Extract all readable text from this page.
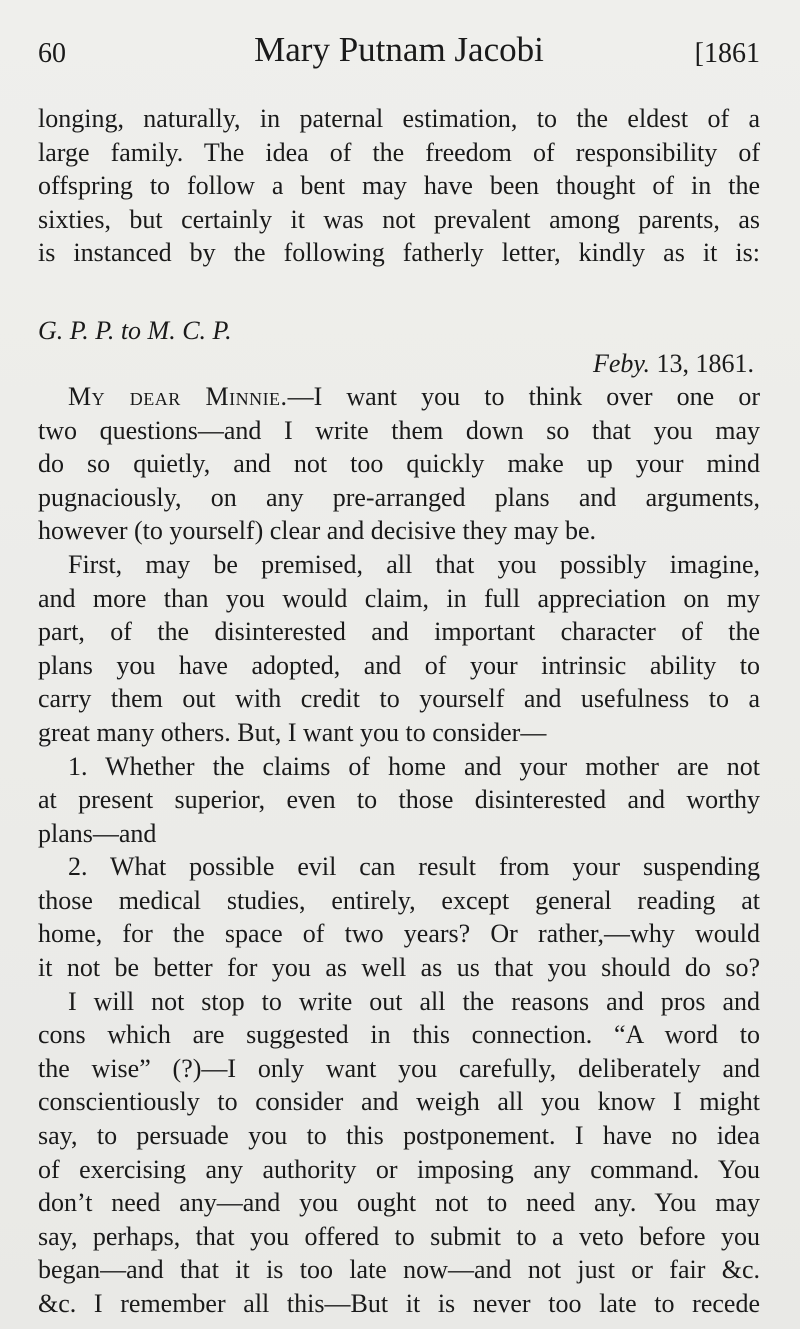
60	Mary Putnam Jacobi	[1861
longing, naturally, in paternal estimation, to the eldest of a
large family. The idea of the freedom of responsibility of
offspring to follow a bent may have been thought of in the
sixties, but certainly it was not prevalent among parents, as
is instanced by the following fatherly letter, kindly as it is:
G. P. P. to M. C. P.
Feby. 13, 1861.
My dear Minnie.—I want you to think over one or
two questions—and I write them down so that you may
do so quietly, and not too quickly make up your mind
pugnaciously, on any pre-arranged plans and arguments,
however (to yourself) clear and decisive they may be.
First, may be premised, all that you possibly imagine,
and more than you would claim, in full appreciation on my
part, of the disinterested and important character of the
plans you have adopted, and of your intrinsic ability to
carry them out with credit to yourself and usefulness to a
great many others. But, I want you to consider—
1. Whether the claims of home and your mother are not
at present superior, even to those disinterested and worthy
plans—and
2. What possible evil can result from your suspending
those medical studies, entirely, except general reading at
home, for the space of two years? Or rather,—why would
it not be better for you as well as us that you should do so?
I will not stop to write out all the reasons and pros and
cons which are suggested in this connection. “A word to
the wise” (?)—I only want you carefully, deliberately and
conscientiously to consider and weigh all you know I might
say, to persuade you to this postponement. I have no idea
of exercising any authority or imposing any command. You
don’t need any—and you ought not to need any. You may
say, perhaps, that you offered to submit to a veto before you
began—and that it is too late now—and not just or fair &c.
&c. I remember all this—But it is never too late to recede
